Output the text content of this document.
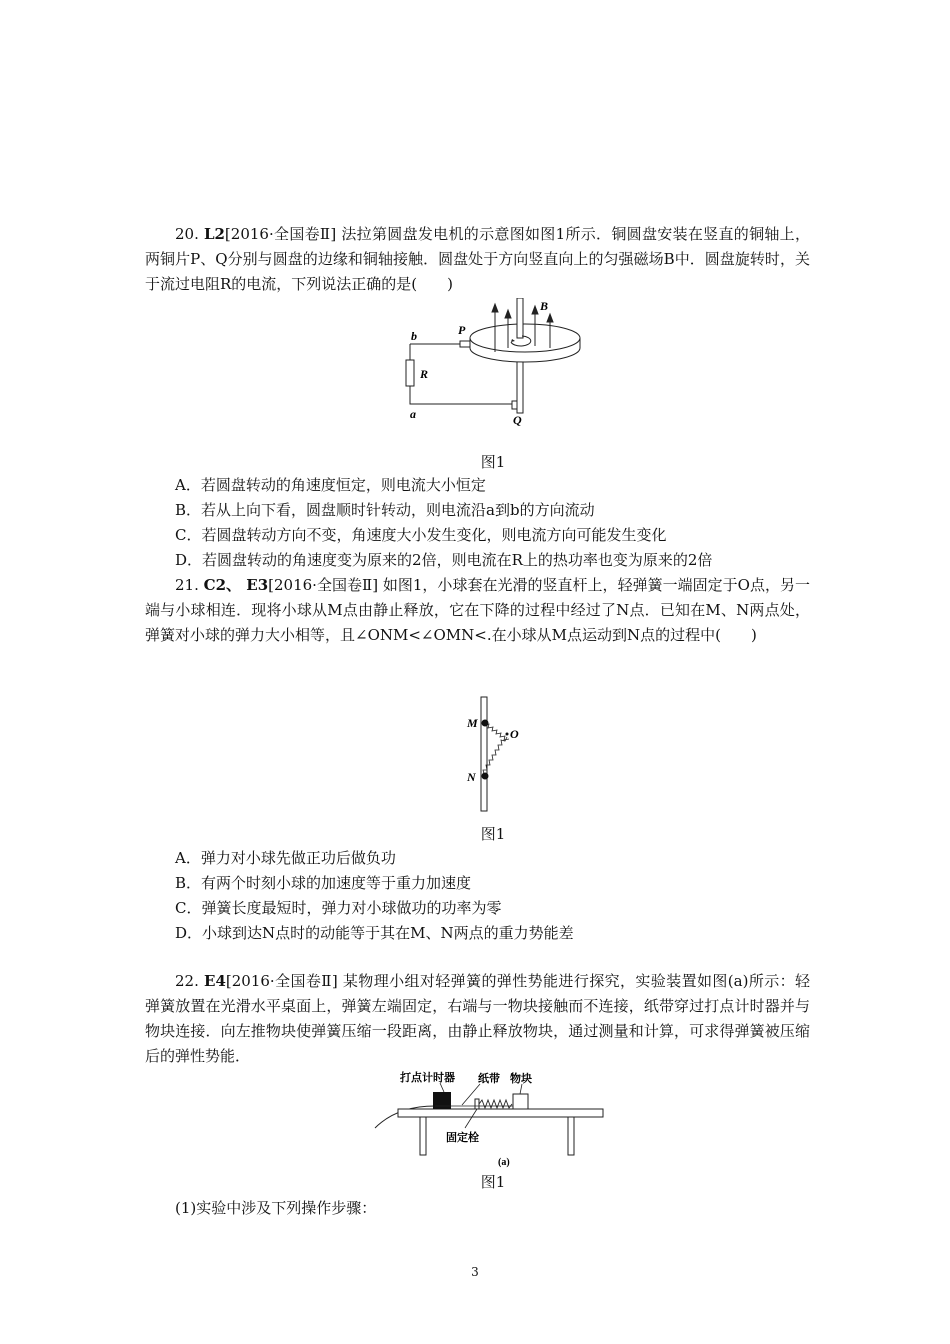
20. L2[2016·全国卷Ⅱ] 法拉第圆盘发电机的示意图如图1所示．铜圆盘安装在竖直的铜轴上，两铜片P、Q分别与圆盘的边缘和铜轴接触．圆盘处于方向竖直向上的匀强磁场B中．圆盘旋转时，关于流过电阻R的电流，下列说法正确的是(　　)

b	P
R
a	Q
B
图1

A．若圆盘转动的角速度恒定，则电流大小恒定

B．若从上向下看，圆盘顺时针转动，则电流沿a到b的方向流动

C．若圆盘转动方向不变，角速度大小发生变化，则电流方向可能发生变化

D．若圆盘转动的角速度变为原来的2倍，则电流在R上的热功率也变为原来的2倍

21. C2、 E3[2016·全国卷Ⅱ] 如图1，小球套在光滑的竖直杆上，轻弹簧一端固定于O点，另一端与小球相连．现将小球从M点由静止释放，它在下降的过程中经过了N点．已知在M、N两点处，弹簧对小球的弹力大小相等，且∠ONM<∠OMN<.在小球从M点运动到N点的过程中(　　)

M
O
N
图1

A．弹力对小球先做正功后做负功

B．有两个时刻小球的加速度等于重力加速度

C．弹簧长度最短时，弹力对小球做功的功率为零

D．小球到达N点时的动能等于其在M、N两点的重力势能差

22. E4[2016·全国卷Ⅱ] 某物理小组对轻弹簧的弹性势能进行探究，实验装置如图(a)所示：轻弹簧放置在光滑水平桌面上，弹簧左端固定，右端与一物块接触而不连接，纸带穿过打点计时器并与物块连接．向左推物块使弹簧压缩一段距离，由静止释放物块，通过测量和计算，可求得弹簧被压缩后的弹性势能．

打点计时器 纸带 物块
固定栓
(a)
图1

(1)实验中涉及下列操作步骤：

3
